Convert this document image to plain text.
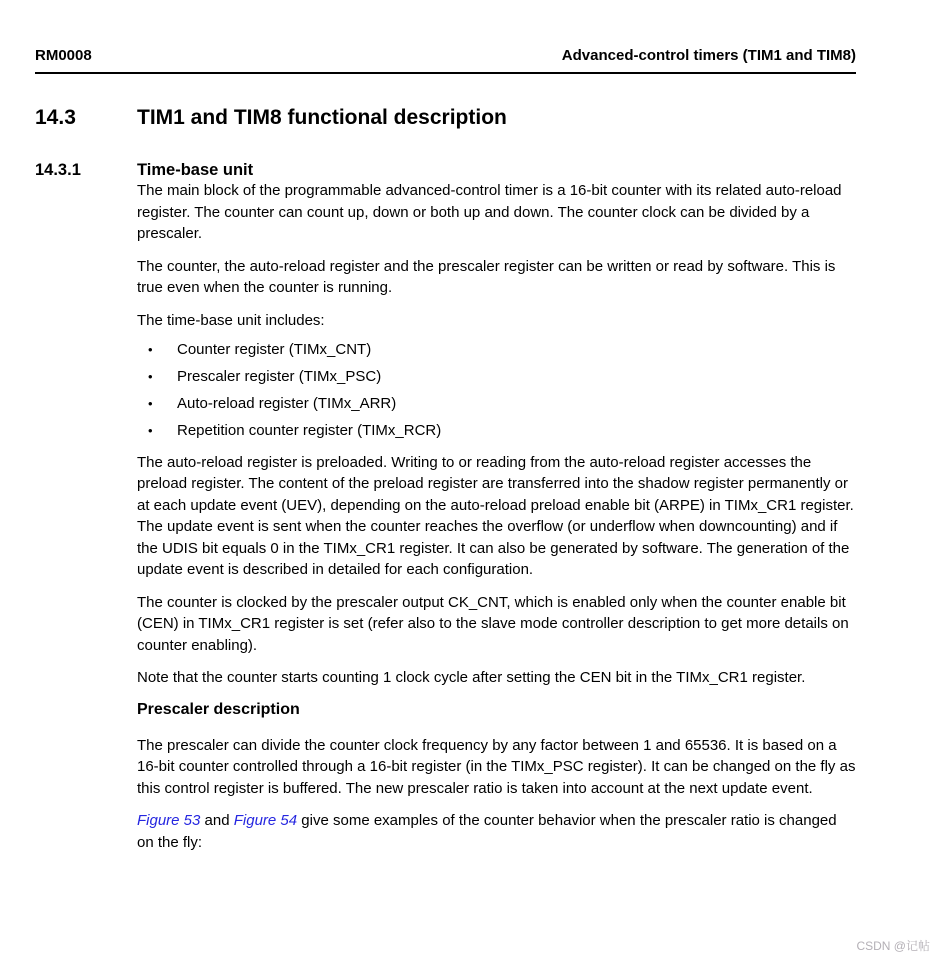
RM0008	Advanced-control timers (TIM1 and TIM8)
14.3	TIM1 and TIM8 functional description
14.3.1	Time-base unit

The main block of the programmable advanced-control timer is a 16-bit counter with its related auto-reload register. The counter can count up, down or both up and down. The counter clock can be divided by a prescaler.

The counter, the auto-reload register and the prescaler register can be written or read by software. This is true even when the counter is running.

The time-base unit includes:

•	Counter register (TIMx_CNT)
•	Prescaler register (TIMx_PSC)
•	Auto-reload register (TIMx_ARR)
•	Repetition counter register (TIMx_RCR)

The auto-reload register is preloaded. Writing to or reading from the auto-reload register accesses the preload register. The content of the preload register are transferred into the shadow register permanently or at each update event (UEV), depending on the auto-reload preload enable bit (ARPE) in TIMx_CR1 register. The update event is sent when the counter reaches the overflow (or underflow when downcounting) and if the UDIS bit equals 0 in the TIMx_CR1 register. It can also be generated by software. The generation of the update event is described in detailed for each configuration.

The counter is clocked by the prescaler output CK_CNT, which is enabled only when the counter enable bit (CEN) in TIMx_CR1 register is set (refer also to the slave mode controller description to get more details on counter enabling).

Note that the counter starts counting 1 clock cycle after setting the CEN bit in the TIMx_CR1 register.

Prescaler description

The prescaler can divide the counter clock frequency by any factor between 1 and 65536. It is based on a 16-bit counter controlled through a 16-bit register (in the TIMx_PSC register). It can be changed on the fly as this control register is buffered. The new prescaler ratio is taken into account at the next update event.

Figure 53 and Figure 54 give some examples of the counter behavior when the prescaler ratio is changed on the fly:

CSDN @记帖
